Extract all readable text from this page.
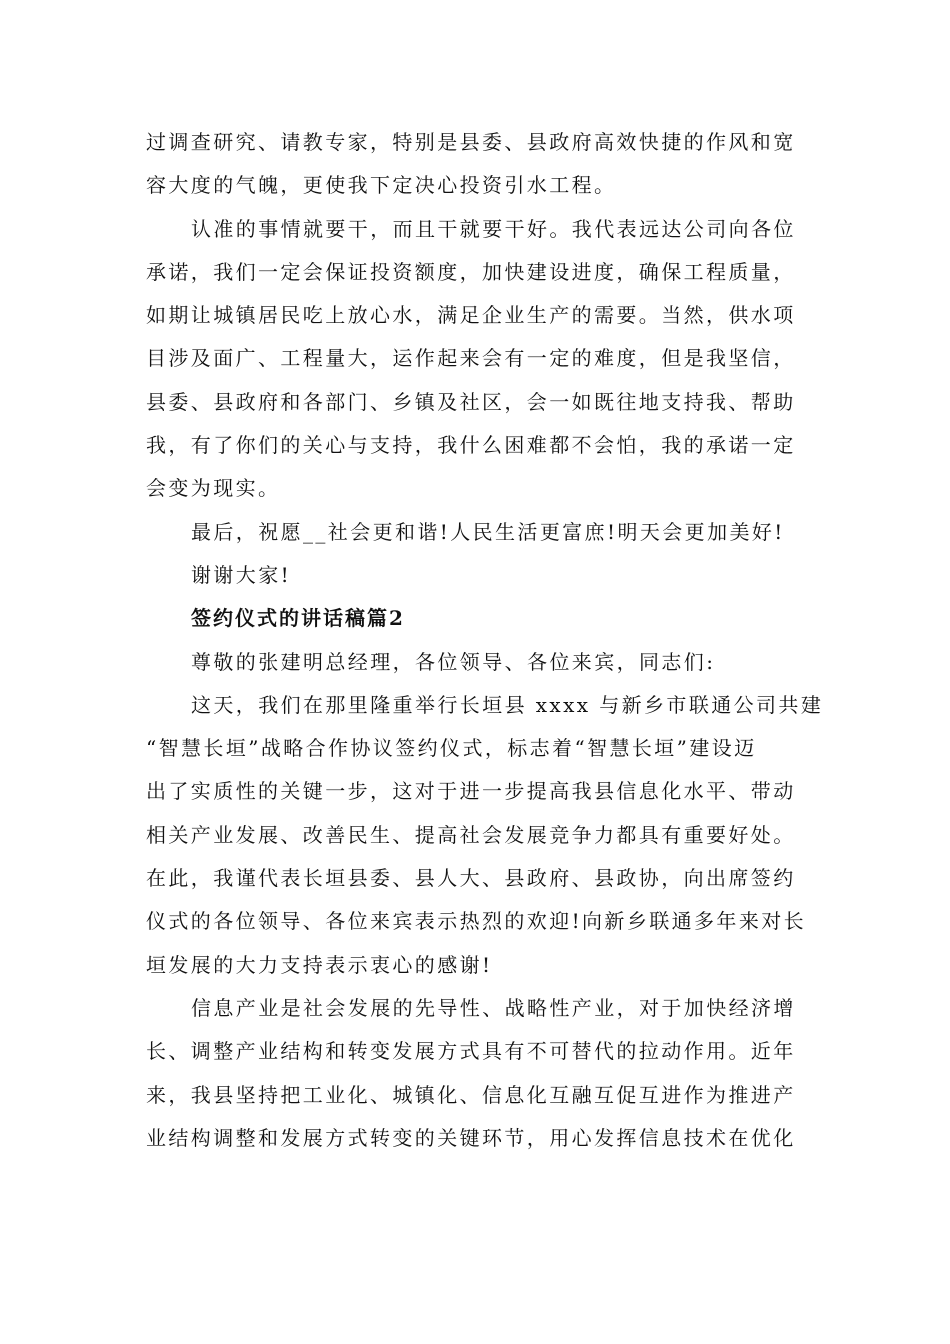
过调查研究、请教专家，特别是县委、县政府高效快捷的作风和宽
容大度的气魄，更使我下定决心投资引水工程。

认准的事情就要干，而且干就要干好。我代表远达公司向各位
承诺，我们一定会保证投资额度，加快建设进度，确保工程质量，
如期让城镇居民吃上放心水，满足企业生产的需要。当然，供水项
目涉及面广、工程量大，运作起来会有一定的难度，但是我坚信，
县委、县政府和各部门、乡镇及社区，会一如既往地支持我、帮助
我，有了你们的关心与支持，我什么困难都不会怕，我的承诺一定
会变为现实。

最后，祝愿__社会更和谐!人民生活更富庶!明天会更加美好!

谢谢大家!

签约仪式的讲话稿篇2

尊敬的张建明总经理，各位领导、各位来宾，同志们:

这天，我们在那里隆重举行长垣县 xxxx 与新乡市联通公司共建
“智慧长垣”战略合作协议签约仪式，标志着“智慧长垣”建设迈
出了实质性的关键一步，这对于进一步提高我县信息化水平、带动
相关产业发展、改善民生、提高社会发展竞争力都具有重要好处。
在此，我谨代表长垣县委、县人大、县政府、县政协，向出席签约
仪式的各位领导、各位来宾表示热烈的欢迎!向新乡联通多年来对长
垣发展的大力支持表示衷心的感谢!

信息产业是社会发展的先导性、战略性产业，对于加快经济增
长、调整产业结构和转变发展方式具有不可替代的拉动作用。近年
来，我县坚持把工业化、城镇化、信息化互融互促互进作为推进产
业结构调整和发展方式转变的关键环节，用心发挥信息技术在优化
